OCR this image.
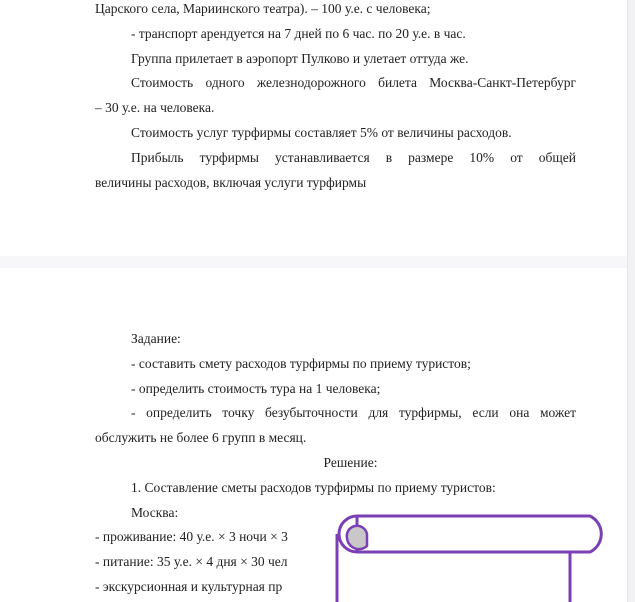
Царского села, Мариинского театра). – 100 у.е. с человека;
- транспорт арендуется на 7 дней по 6 час. по 20 у.е. в час.
Группа прилетает в аэропорт Пулково и улетает оттуда же.
Стоимость одного железнодорожного билета Москва-Санкт-Петербург
– 30 у.е. на человека.
Стоимость услуг турфирмы составляет 5% от величины расходов.
Прибыль турфирмы устанавливается в размере 10% от общей
величины расходов, включая услуги турфирмы
Задание:
- составить смету расходов турфирмы по приему туристов;
- определить стоимость тура на 1 человека;
- определить точку безубыточности для турфирмы, если она может
обслужить не более 6 групп в месяц.
Решение:
1. Составление сметы расходов турфирмы по приему туристов:
Москва:
- проживание: 40 у.е. × 3 ночи × 3
- питание: 35 у.е. × 4 дня × 30 чел
- экскурсионная и культурная пр
